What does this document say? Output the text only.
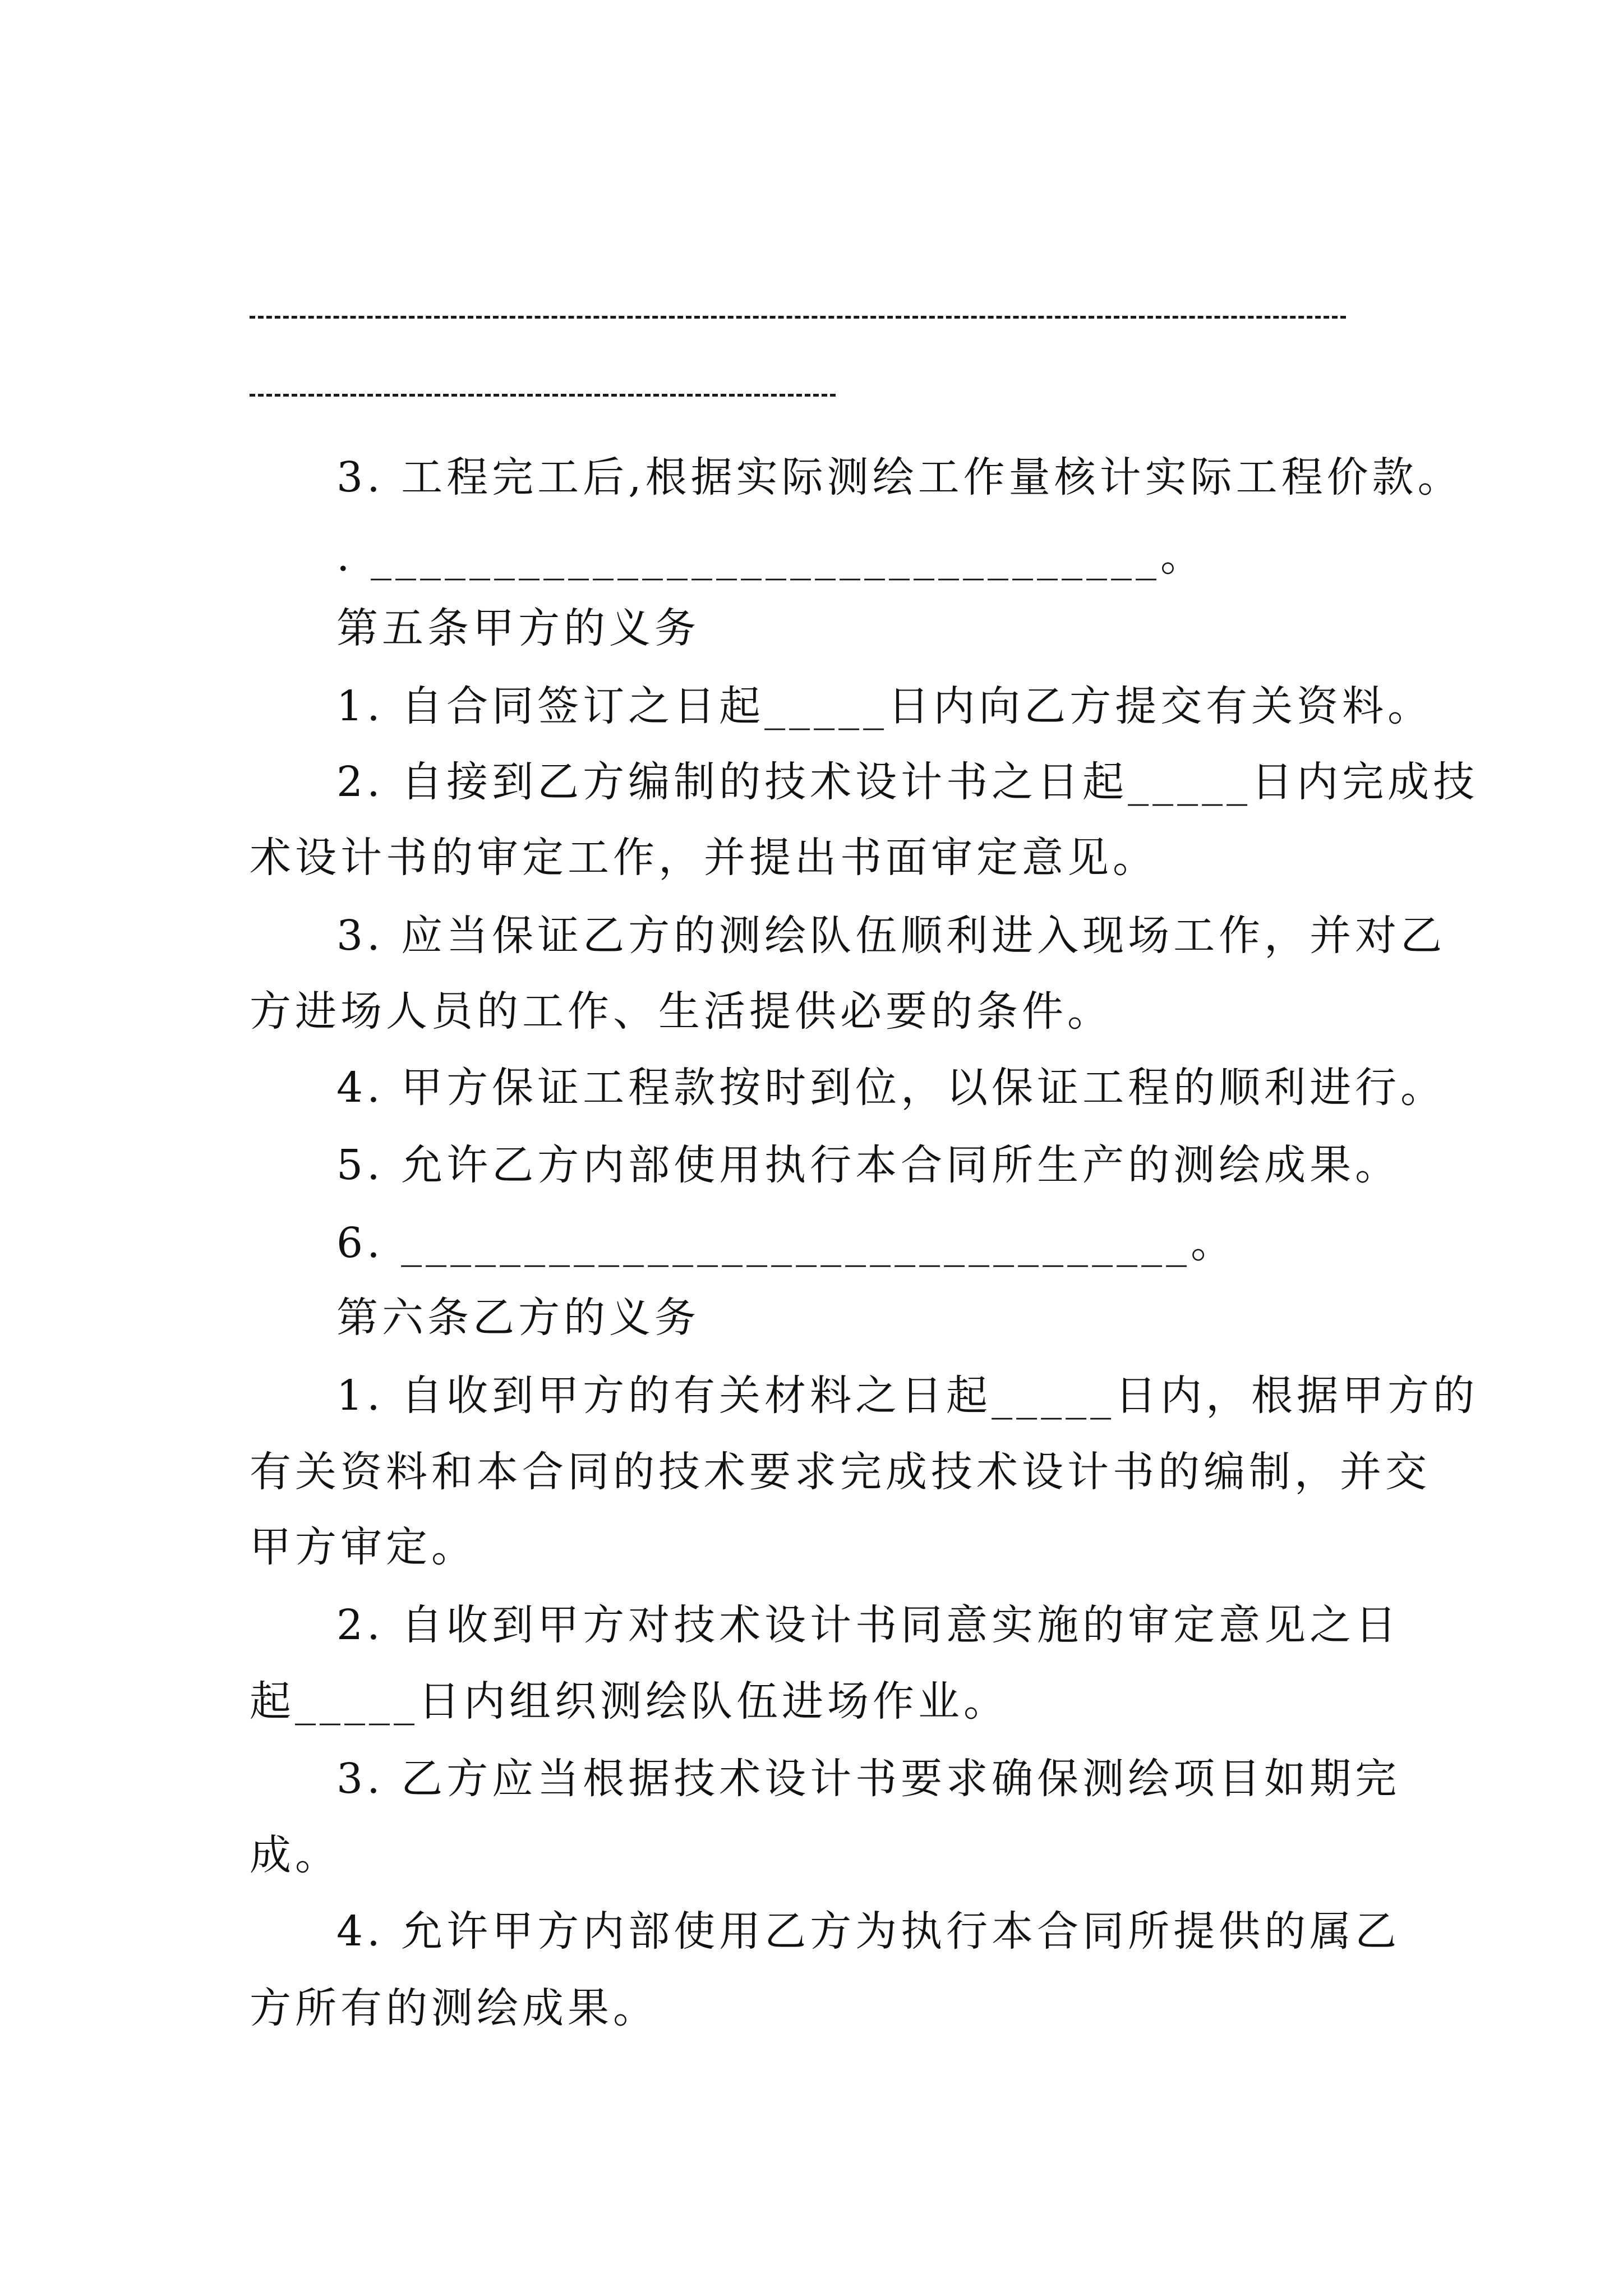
3. 工程完工后,根据实际测绘工作量核计实际工程价款。
. ________________________________。
第五条甲方的义务
1. 自合同签订之日起_____日内向乙方提交有关资料。
2. 自接到乙方编制的技术设计书之日起_____日内完成技
术设计书的审定工作，并提出书面审定意见。
3. 应当保证乙方的测绘队伍顺利进入现场工作，并对乙
方进场人员的工作、生活提供必要的条件。
4. 甲方保证工程款按时到位，以保证工程的顺利进行。
5. 允许乙方内部使用执行本合同所生产的测绘成果。
6. ________________________________。
第六条乙方的义务
1. 自收到甲方的有关材料之日起_____日内，根据甲方的
有关资料和本合同的技术要求完成技术设计书的编制，并交
甲方审定。
2. 自收到甲方对技术设计书同意实施的审定意见之日
起_____日内组织测绘队伍进场作业。
3. 乙方应当根据技术设计书要求确保测绘项目如期完
成。
4. 允许甲方内部使用乙方为执行本合同所提供的属乙
方所有的测绘成果。
